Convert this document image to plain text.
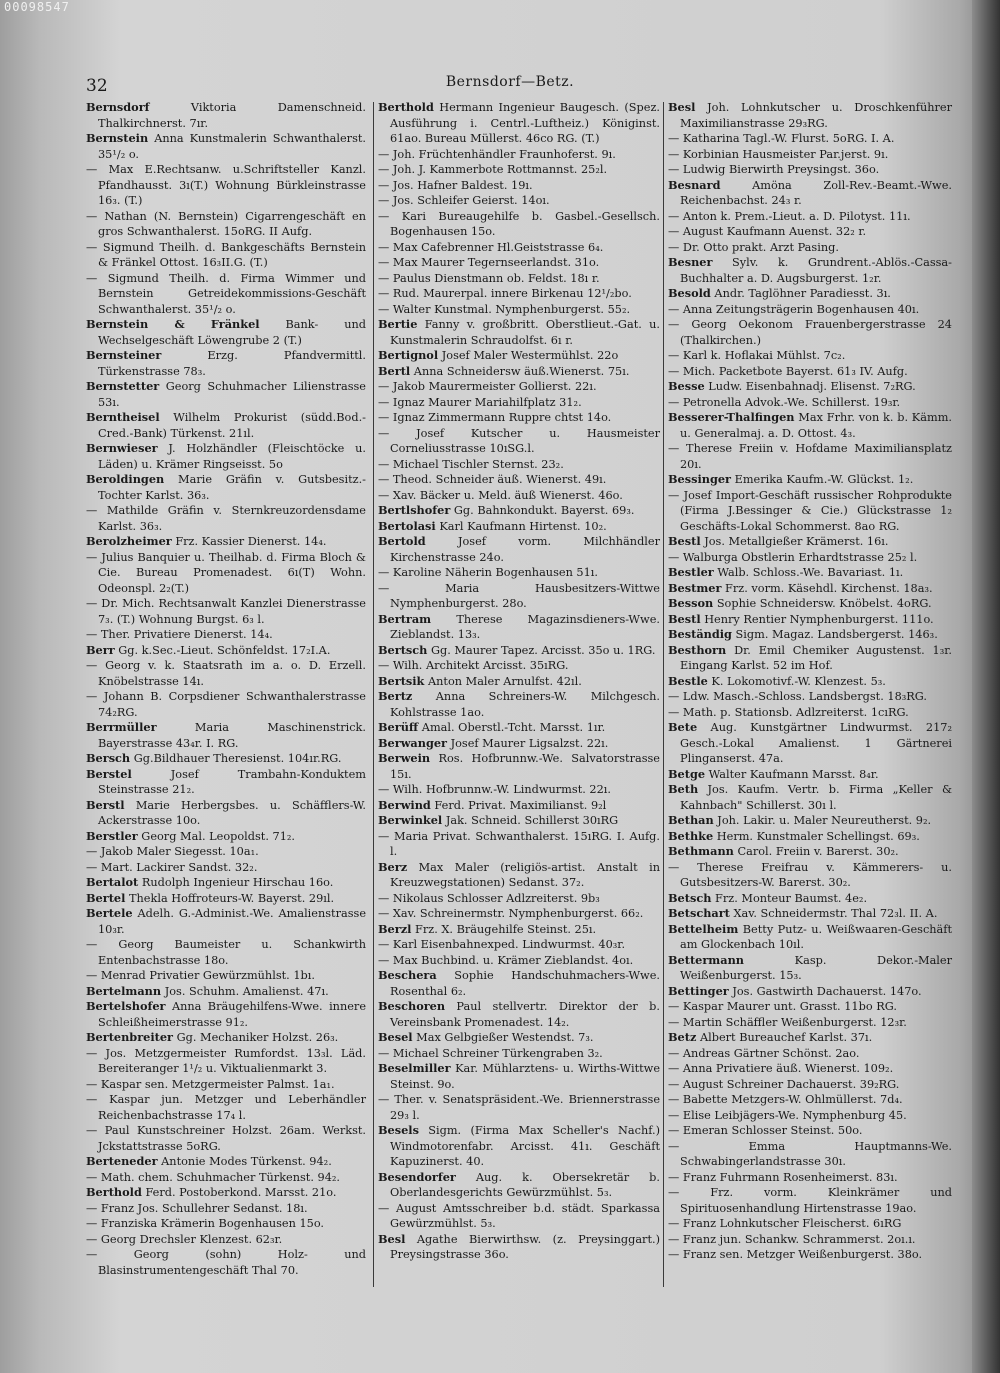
00098547
32	Bernsdorf—Betz.
Bernsdorf	Viktoria Damenschneid. Thalkirchnerst. 7ır.
Bernstein Anna Kunstmalerin Schwanthalerst. 35¹/₂ o.
— Max E.Rechtsanw. u.Schriftsteller Kanzl. Pfandhausst. 3ı(T.) Wohnung Bürkleinstrasse 16₃. (T.)
— Nathan (N. Bernstein) Cigarrengeschäft en gros Schwanthalerst. 15oRG. II Aufg.
— Sigmund Theilh. d. Bankgeschäfts Bernstein & Fränkel Ottost. 16₃II.G. (T.)
— Sigmund Theilh. d. Firma Wimmer und Bernstein Getreidekommissions-Geschäft Schwanthalerst. 35¹/₂ o.
Bernstein & Fränkel Bank- und Wechselgeschäft Löwengrube 2 (T.)
Bernsteiner	Erzg. Pfandvermittl. Türkenstrasse 78₃.
Bernstetter Georg Schuhmacher Lilienstrasse 53ı.
Berntheisel Wilhelm Prokurist (südd.Bod.-Cred.-Bank) Türkenst. 21ıl.
Bernwieser J. Holzhändler (Fleischtöcke u. Läden) u. Krämer Ringseisst. 5o
Beroldingen Marie Gräfin v. Gutsbesitz.-Tochter Karlst. 36₃.
— Mathilde Gräfin v. Sternkreuzordensdame Karlst. 36₃.
Berolzheimer Frz. Kassier Dienerst. 14₄.
— Julius Banquier u. Theilhab. d. Firma Bloch & Cie. Bureau Promenadest. 6ı(T) Wohn. Odeonspl. 2₂(T.)
— Dr. Mich. Rechtsanwalt Kanzlei Dienerstrasse 7₃. (T.) Wohnung Burgst. 6₃ l.
— Ther. Privatiere Dienerst. 14₄.
Berr Gg. k.Sec.-Lieut. Schönfeldst. 17₂I.A.
— Georg v. k. Staatsrath im a. o. D. Erzell. Knöbelstrasse 14ı.
— Johann B. Corpsdiener Schwanthalerstrasse 74₂RG.
Berrmüller	Maria Maschinenstrick. Bayerstrasse 43₄r. I. RG.
Bersch Gg.Bildhauer Theresienst. 104ır.RG.
Berstel	Josef Trambahn-Konduktem Steinstrasse 21₂.
Berstl Marie Herbergsbes. u. Schäfflers-W. Ackerstrasse 10o.
Berstler Georg Mal. Leopoldst. 71₂.
— Jakob Maler Siegesst. 10a₁.
— Mart. Lackirer Sandst. 32₂.
Bertalot Rudolph Ingenieur Hirschau 16o.
Bertel Thekla Hoffroteurs-W. Bayerst. 29ıl.
Bertele Adelh. G.-Administ.-We. Amalienstrasse 10₃r.
— Georg Baumeister u. Schankwirth Entenbachstrasse 18o.
— Menrad Privatier Gewürzmühlst. 1bı.
Bertelmann Jos. Schuhm. Amalienst. 47ı.
Bertelshofer Anna Bräugehilfens-Wwe. innere Schleißheimerstrasse 91₂.
Bertenbreiter Gg. Mechaniker Holzst. 26₃.
— Jos. Metzgermeister Rumfordst. 13₃l. Läd. Bereiteranger 1¹/₂ u. Viktualienmarkt 3.
— Kaspar sen. Metzgermeister Palmst. 1a₁.
— Kaspar jun. Metzger und Leberhändler Reichenbachstrasse 17₄ l.
— Paul Kunstschreiner Holzst. 26am. Werkst. Jckstattstrasse 5oRG.
Berteneder Antonie Modes Türkenst. 94₂.
— Math. chem. Schuhmacher Türkenst. 94₂.
Berthold Ferd. Postoberkond. Marsst. 21o.
— Franz Jos. Schullehrer Sedanst. 18ı.
— Franziska Krämerin Bogenhausen 15o.
— Georg Drechsler Klenzest. 62₃r.
— Georg (sohn) Holz- und Blasinstrumentengeschäft Thal 70.
Berthold Hermann Ingenieur Baugesch. (Spez. Ausführung i. Centrl.-Luftheiz.) Königinst. 61ao. Bureau Müllerst. 46co RG. (T.)
— Joh. Früchtenhändler Fraunhoferst. 9ı.
— Joh. J. Kammerbote Rottmannst. 25₂l.
— Jos. Hafner Baldest. 19ı.
— Jos. Schleifer Geierst. 14oı.
— Kari Bureaugehilfe b. Gasbel.-Gesellsch. Bogenhausen 15o.
— Max Cafebrenner Hl.Geiststrasse 6₄.
— Max Maurer Tegernseerlandst. 31o.
— Paulus Dienstmann ob. Feldst. 18ı r.
— Rud. Maurerpal. innere Birkenau 12¹/₂bo.
— Walter Kunstmal. Nymphenburgerst. 55₂.
Bertie Fanny v. großbritt. Oberstlieut.-Gat. u. Kunstmalerin Schraudolfst. 6ı r.
Bertignol Josef Maler Westermühlst. 22o
Bertl Anna Schneidersw äuß.Wienerst. 75ı.
— Jakob Maurermeister Gollierst. 22ı.
— Ignaz Maurer Mariahilfplatz 31₂.
— Ignaz Zimmermann Ruppre chtst 14o.
— Josef Kutscher u. Hausmeister Corneliusstrasse 10ıSG.l.
— Michael Tischler Sternst. 23₂.
— Theod. Schneider äuß. Wienerst. 49ı.
— Xav. Bäcker u. Meld. äuß Wienerst. 46o.
Bertlshofer Gg. Bahnkondukt. Bayerst. 69₃.
Bertolasi Karl Kaufmann Hirtenst. 10₂.
Bertold	Josef vorm. Milchhändler Kirchenstrasse 24o.
— Karoline Näherin Bogenhausen 51ı.
— Maria Hausbesitzers-Wittwe Nymphenburgerst. 28o.
Bertram Therese Magazinsdieners-Wwe. Zieblandst. 13₃.
Bertsch Gg. Maurer Tapez. Arcisst. 35o u. 1RG.
— Wilh. Architekt Arcisst. 35ıRG.
Bertsik Anton Maler Arnulfst. 42ıl.
Bertz Anna Schreiners-W. Milchgesch. Kohlstrasse 1ao.
Berüff Amal. Oberstl.-Tcht. Marsst. 1ır.
Berwanger Josef Maurer Ligsalzst. 22ı.
Berwein Ros. Hofbrunnw.-We. Salvatorstrasse 15ı.
— Wilh. Hofbrunnw.-W. Lindwurmst. 22ı.
Berwind Ferd. Privat. Maximilianst. 9₂l
Berwinkel Jak. Schneid. Schillerst 30ıRG
— Maria Privat. Schwanthalerst. 15ıRG. I. Aufg. l.
Berz Max Maler (religiös-artist. Anstalt in Kreuzwegstationen) Sedanst. 37₂.
— Nikolaus Schlosser Adlzreiterst. 9b₃
— Xav. Schreinermstr. Nymphenburgerst. 66₂.
Berzl Frz. X. Bräugehilfe Steinst. 25ı.
— Karl Eisenbahnexped. Lindwurmst. 40₃r.
— Max Buchbind. u. Krämer Zieblandst. 4oı.
Beschera Sophie Handschuhmachers-Wwe. Rosenthal 6₂.
Beschoren Paul stellvertr. Direktor der b. Vereinsbank Promenadest. 14₂.
Besel Max Gelbgießer Westendst. 7₃.
— Michael Schreiner Türkengraben 3₂.
Beselmiller Kar. Mühlarztens- u. Wirths-Wittwe Steinst. 9o.
— Ther. v. Senatspräsident.-We. Briennerstrasse 29₃ l.
Besels Sigm. (Firma Max Scheller's Nachf.) Windmotorenfabr. Arcisst. 41ı. Geschäft Kapuzinerst. 40.
Besendorfer Aug. k. Obersekretär b. Oberlandesgerichts Gewürzmühlst. 5₃.
— August Amtsschreiber b.d. städt. Sparkassa Gewürzmühlst. 5₃.
Besl Agathe Bierwirthsw. (z. Preysinggart.) Preysingstrasse 36o.
Besl Joh. Lohnkutscher u. Droschkenführer Maximilianstrasse 29₃RG.
— Katharina Tagl.-W. Flurst. 5oRG. I. A.
— Korbinian Hausmeister Par.jerst. 9ı.
— Ludwig Bierwirth Preysingst. 36o.
Besnard	Amöna Zoll-Rev.-Beamt.-Wwe. Reichenbachst. 24₃ r.
— Anton k. Prem.-Lieut. a. D. Pilotyst. 11ı.
— August Kaufmann Auenst. 32₂ r.
— Dr. Otto prakt. Arzt Pasing.
Besner Sylv. k. Grundrent.-Ablös.-Cassa-Buchhalter a. D. Augsburgerst. 1₂r.
Besold Andr. Taglöhner Paradiesst. 3ı.
— Anna Zeitungsträgerin Bogenhausen 40ı.
— Georg Oekonom Frauenbergerstrasse 24 (Thalkirchen.)
— Karl k. Hoflakai Mühlst. 7c₂.
— Mich. Packetbote Bayerst. 61₃ IV. Aufg.
Besse Ludw. Eisenbahnadj. Elisenst. 7₂RG.
— Petronella Advok.-We. Schillerst. 19₃r.
Besserer-Thalfingen Max Frhr. von k. b. Kämm. u. Generalmaj. a. D. Ottost. 4₃.
— Therese Freiin v. Hofdame Maximiliansplatz 20ı.
Bessinger Emerika Kaufm.-W. Glückst. 1₂.
— Josef Import-Geschäft russischer Rohprodukte (Firma J.Bessinger & Cie.) Glückstrasse 1₂ Geschäfts-Lokal Schommerst. 8ao RG.
Bestl Jos. Metallgießer Krämerst. 16ı.
— Walburga Obstlerin Erhardtstrasse 25₂ l.
Bestler Walb. Schloss.-We. Bavariast. 1ı.
Bestmer Frz. vorm. Käsehdl. Kirchenst. 18a₃.
Besson Sophie Schneidersw. Knöbelst. 4oRG.
Bestl Henry Rentier Nymphenburgerst. 111o.
Beständig Sigm. Magaz. Landsbergerst. 146₃.
Besthorn Dr. Emil Chemiker Augustenst. 1₃r. Eingang Karlst. 52 im Hof.
Bestle K. Lokomotivf.-W. Klenzest. 5₃.
— Ldw. Masch.-Schloss. Landsbergst. 18₃RG.
— Math. p. Stationsb. Adlzreiterst. 1cıRG.
Bete Aug. Kunstgärtner Lindwurmst. 217₂ Gesch.-Lokal Amalienst. 1 Gärtnerei Plinganserst. 47a.
Betge Walter Kaufmann Marsst. 8₄r.
Beth Jos. Kaufm. Vertr. b. Firma „Keller & Kahnbach" Schillerst. 30ı l.
Bethan Joh. Lakir. u. Maler Neureutherst. 9₂.
Bethke Herm. Kunstmaler Schellingst. 69₃.
Bethmann Carol. Freiin v. Barerst. 30₂.
— Therese Freifrau v. Kämmerers- u. Gutsbesitzers-W. Barerst. 30₂.
Betsch Frz. Monteur Baumst. 4e₂.
Betschart Xav. Schneidermstr. Thal 72₃l. II. A.
Bettelheim Betty Putz- u. Weißwaaren-Geschäft am Glockenbach 10ıl.
Bettermann	Kasp. Dekor.-Maler Weißenburgerst. 15₃.
Bettinger Jos. Gastwirth Dachauerst. 147o.
— Kaspar Maurer unt. Grasst. 11bo RG.
— Martin Schäffler Weißenburgerst. 12₃r.
Betz Albert Bureauchef Karlst. 37ı.
— Andreas Gärtner Schönst. 2ao.
— Anna Privatiere äuß. Wienerst. 109₂.
— August Schreiner Dachauerst. 39₂RG.
— Babette Metzgers-W. Ohlmüllerst. 7d₄.
— Elise Leibjägers-We. Nymphenburg 45.
— Emeran Schlosser Steinst. 50o.
— Emma Hauptmanns-We. Schwabingerlandstrasse 30ı.
— Franz Fuhrmann Rosenheimerst. 83ı.
— Frz. vorm. Kleinkrämer und Spirituosenhandlung Hirtenstrasse 19ao.
— Franz Lohnkutscher Fleischerst. 6ıRG
— Franz jun. Schankw. Schrammerst. 2oı.ı.
— Franz sen. Metzger Weißenburgerst. 38o.
